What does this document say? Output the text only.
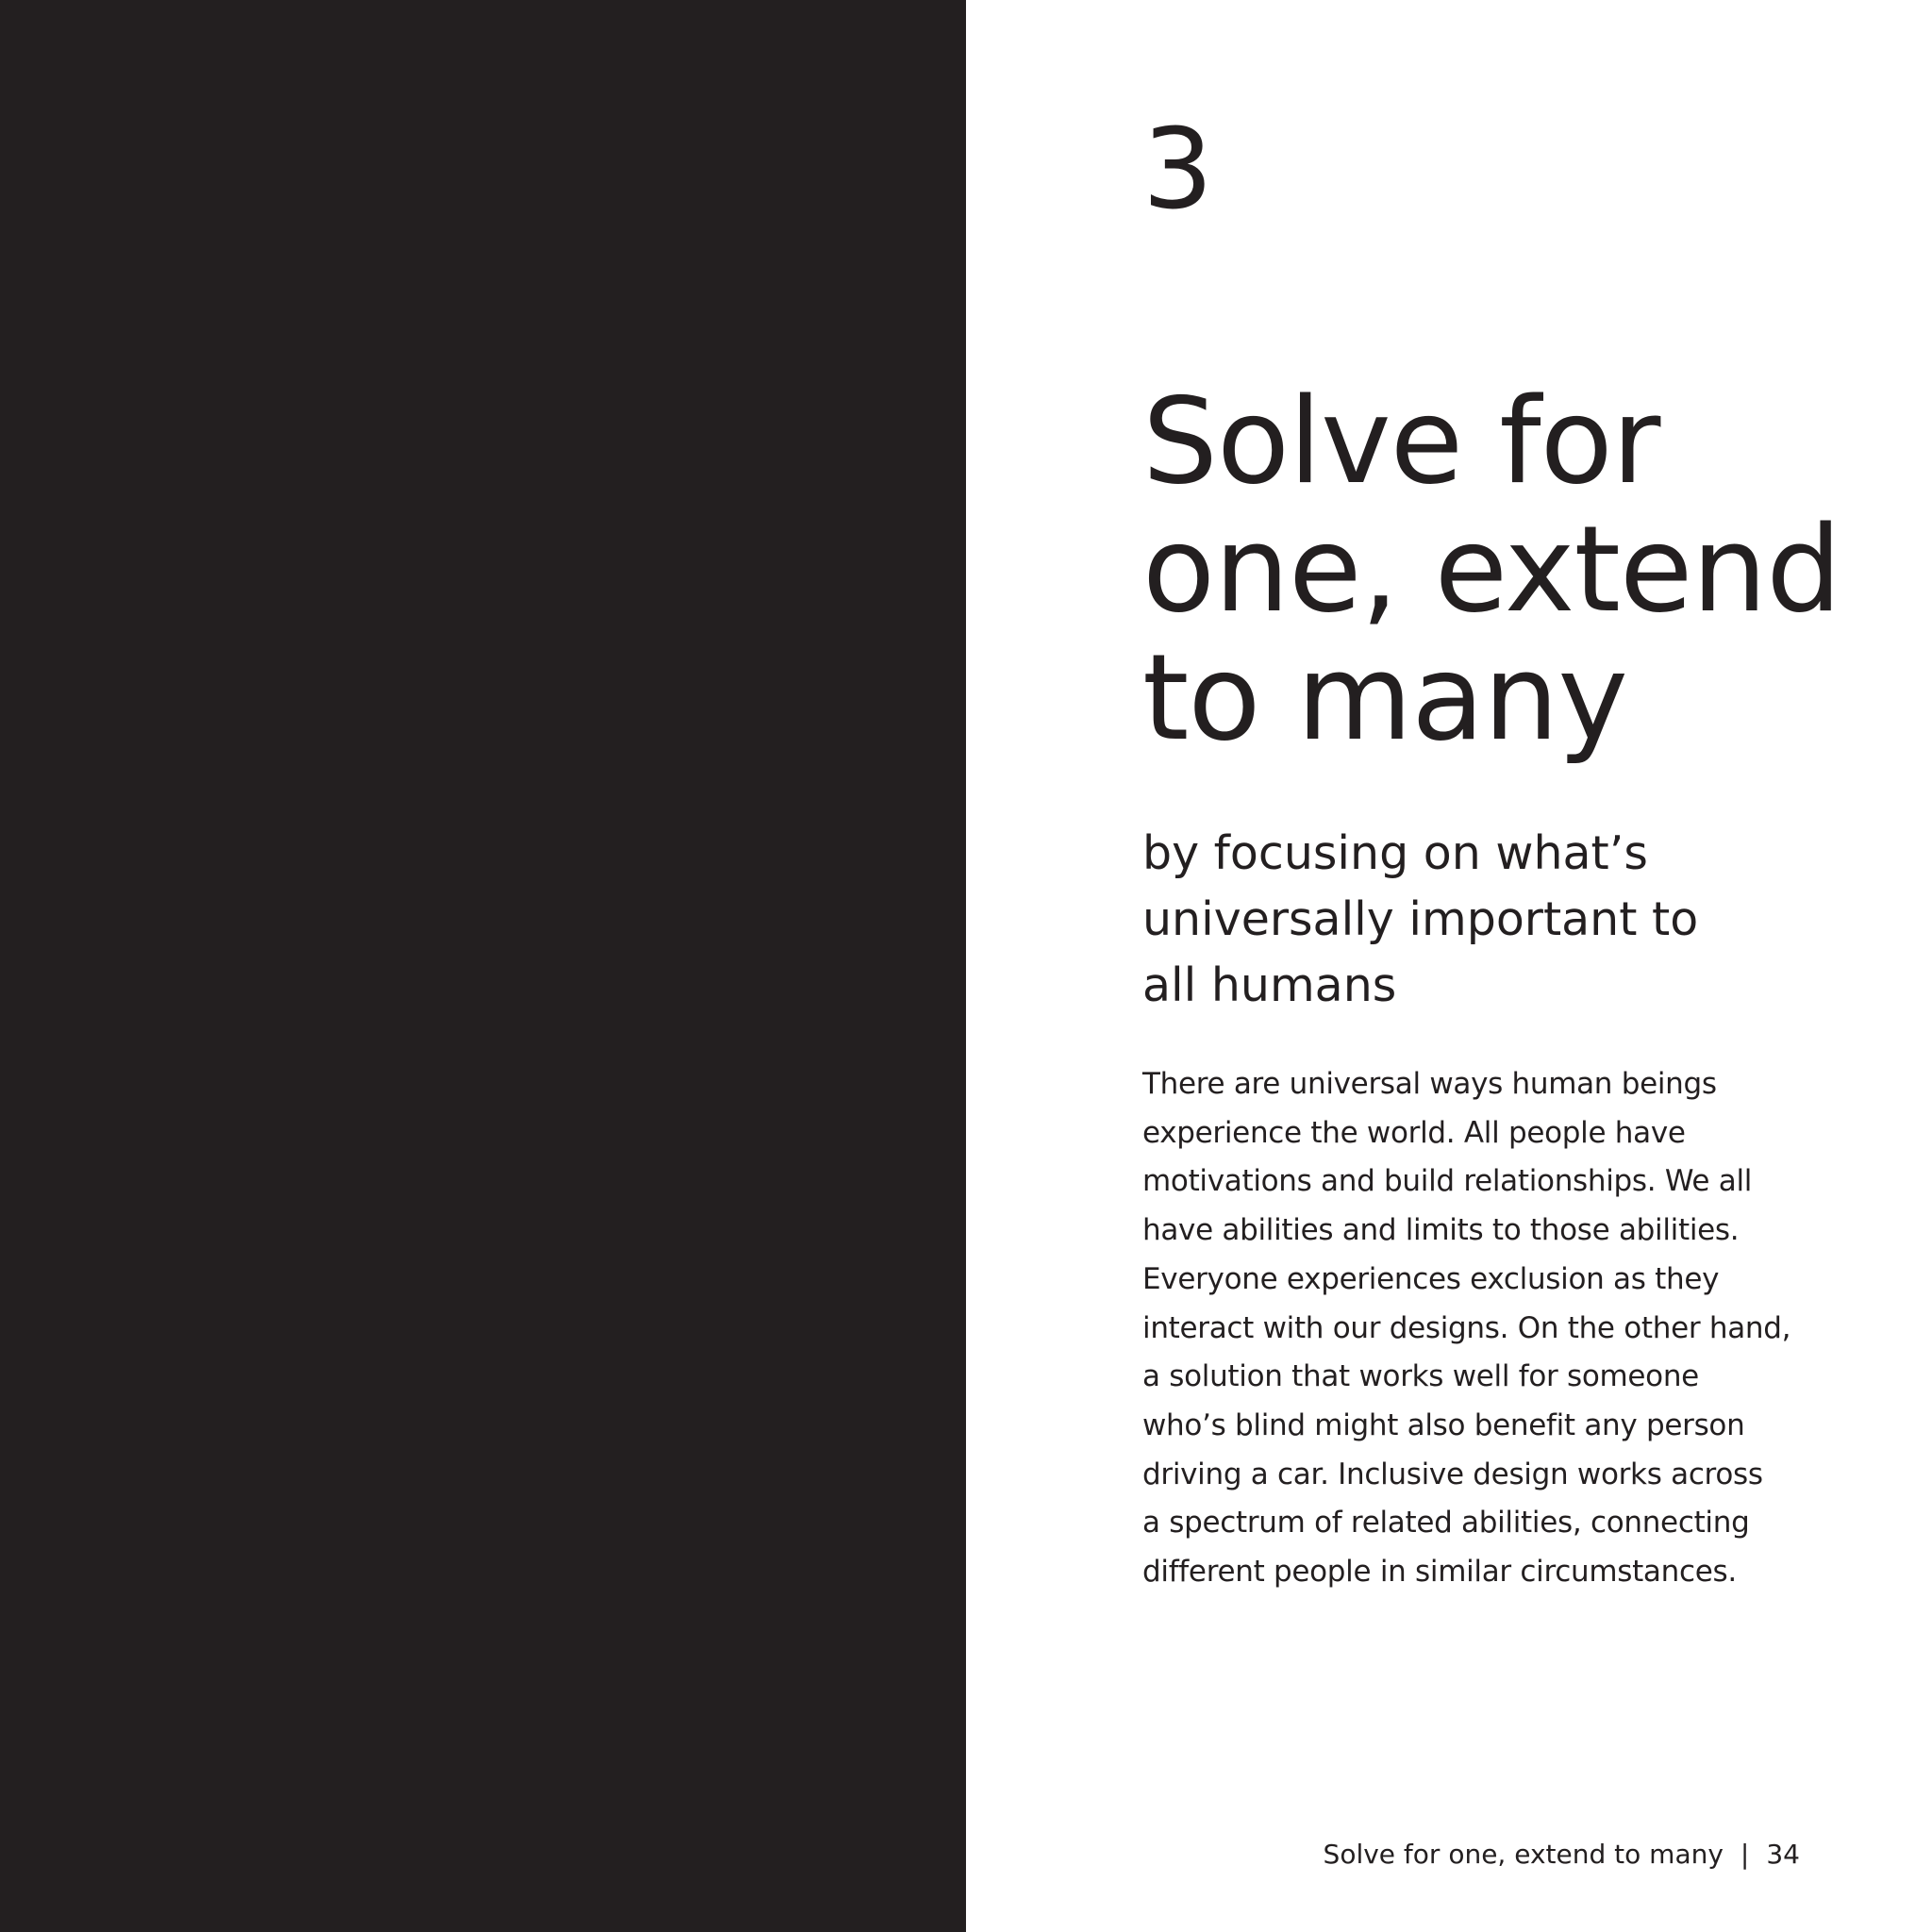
3

Solve for
one, extend
to many
by focusing on what’s
universally important to
all humans

There are universal ways human beings
experience the world. All people have
motivations and build relationships. We all
have abilities and limits to those abilities.
Everyone experiences exclusion as they
interact with our designs. On the other hand,
a solution that works well for someone
who’s blind might also benefit any person
driving a car. Inclusive design works across
a spectrum of related abilities, connecting
different people in similar circumstances.

Solve for one, extend to many | 34
